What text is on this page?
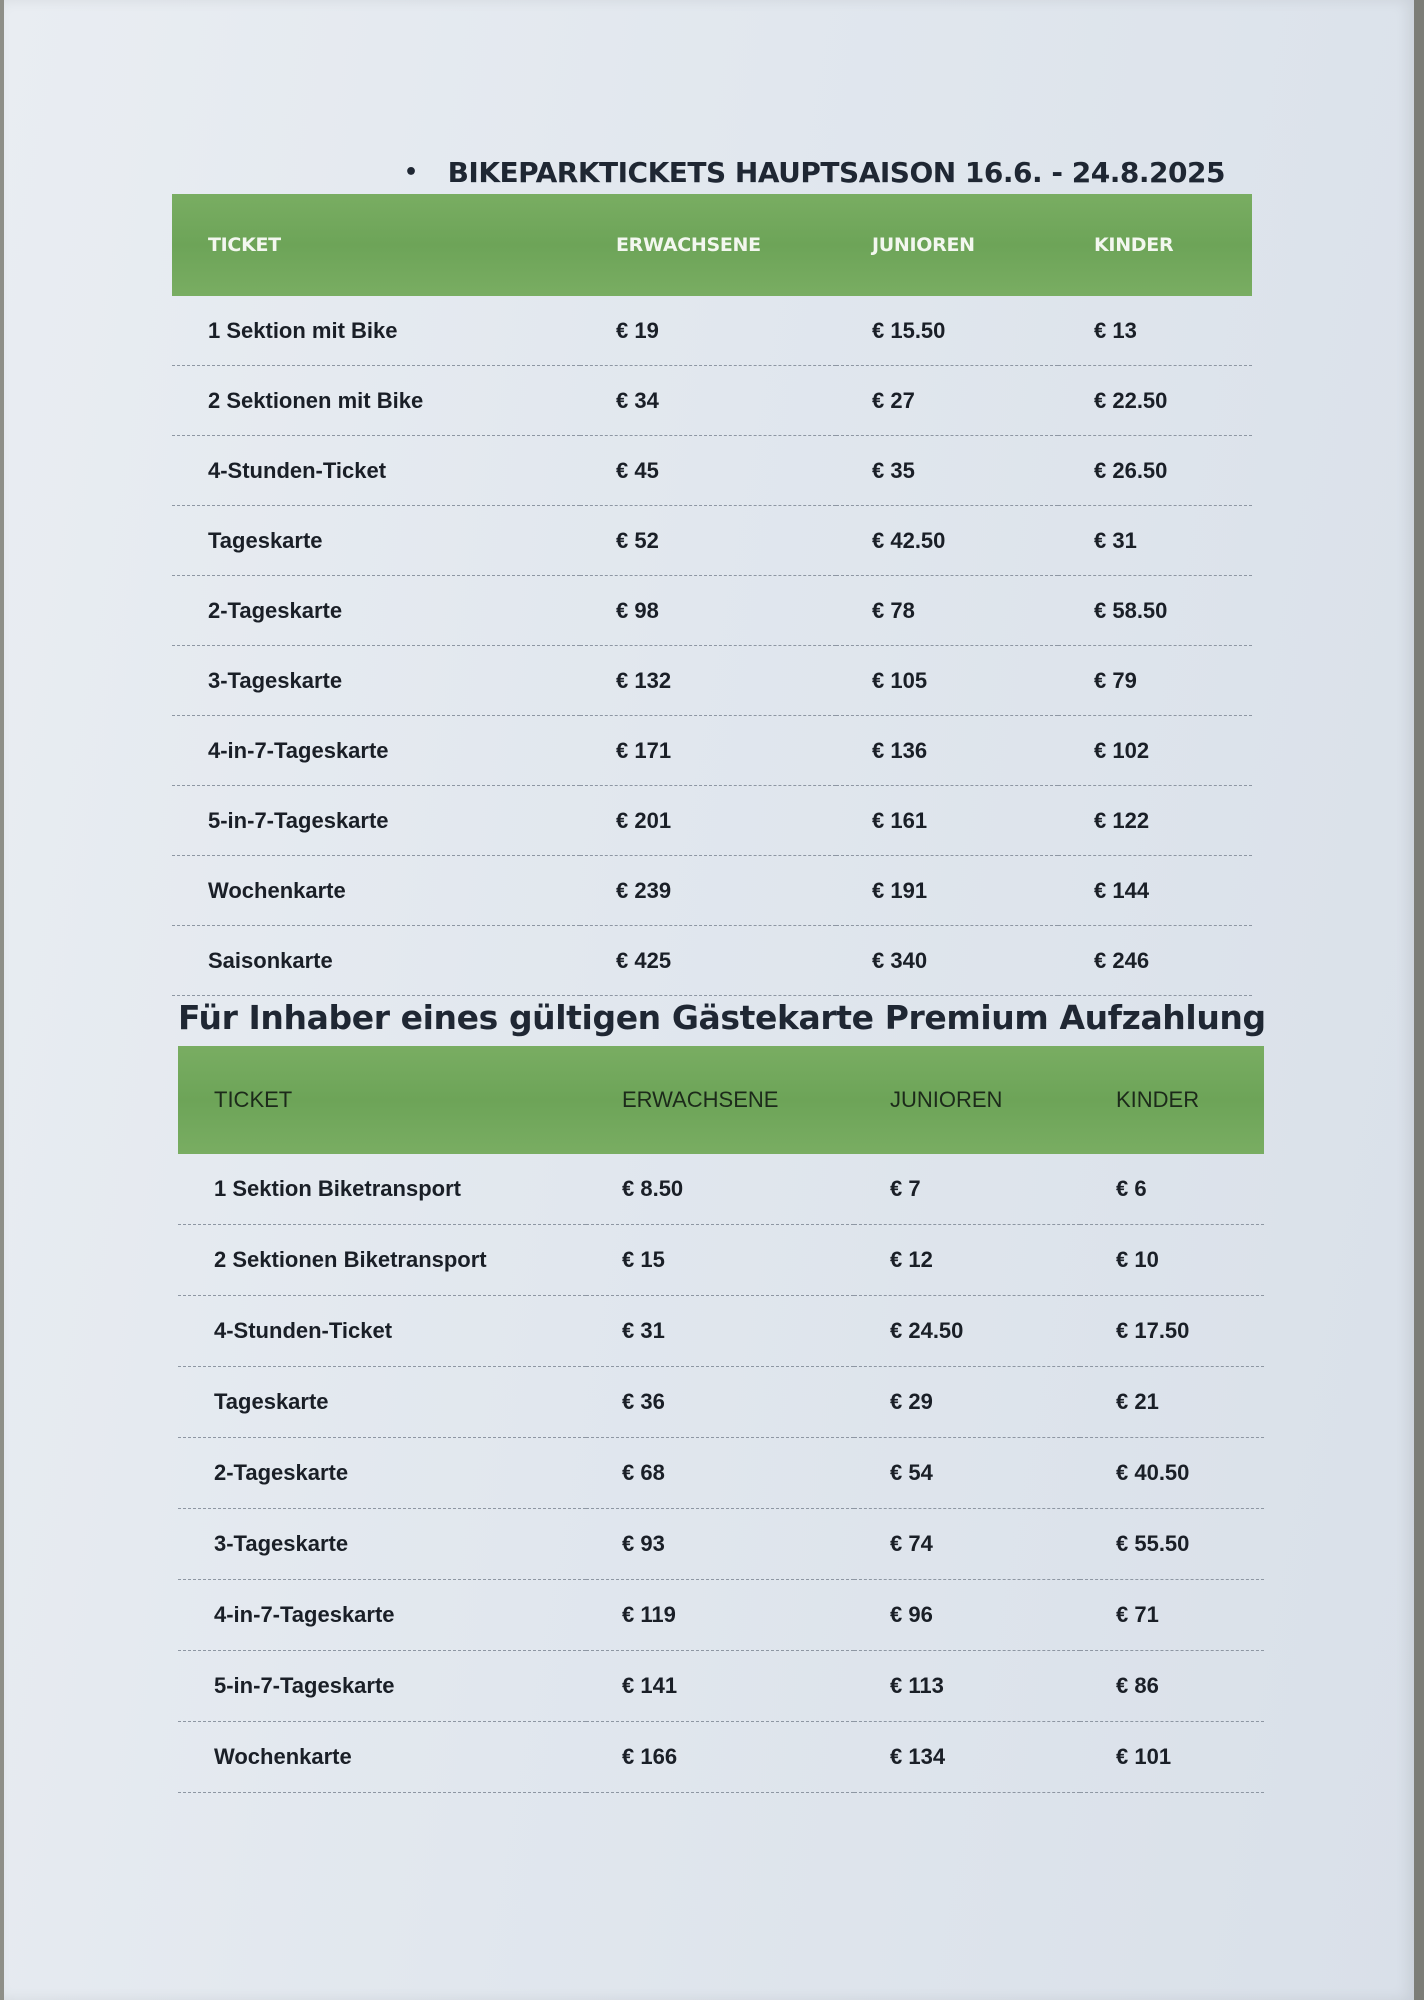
• BIKEPARKTICKETS HAUPTSAISON 16.6. - 24.8.2025
TICKET	ERWACHSENE	JUNIOREN	KINDER
1 Sektion mit Bike	€ 19	€ 15.50	€ 13
2 Sektionen mit Bike	€ 34	€ 27	€ 22.50
4-Stunden-Ticket	€ 45	€ 35	€ 26.50
Tageskarte	€ 52	€ 42.50	€ 31
2-Tageskarte	€ 98	€ 78	€ 58.50
3-Tageskarte	€ 132	€ 105	€ 79
4-in-7-Tageskarte	€ 171	€ 136	€ 102
5-in-7-Tageskarte	€ 201	€ 161	€ 122
Wochenkarte	€ 239	€ 191	€ 144
Saisonkarte	€ 425	€ 340	€ 246
Für Inhaber eines gültigen Gästekarte Premium Aufzahlung
TICKET	ERWACHSENE	JUNIOREN	KINDER
1 Sektion Biketransport	€ 8.50	€ 7	€ 6
2 Sektionen Biketransport	€ 15	€ 12	€ 10
4-Stunden-Ticket	€ 31	€ 24.50	€ 17.50
Tageskarte	€ 36	€ 29	€ 21
2-Tageskarte	€ 68	€ 54	€ 40.50
3-Tageskarte	€ 93	€ 74	€ 55.50
4-in-7-Tageskarte	€ 119	€ 96	€ 71
5-in-7-Tageskarte	€ 141	€ 113	€ 86
Wochenkarte	€ 166	€ 134	€ 101
